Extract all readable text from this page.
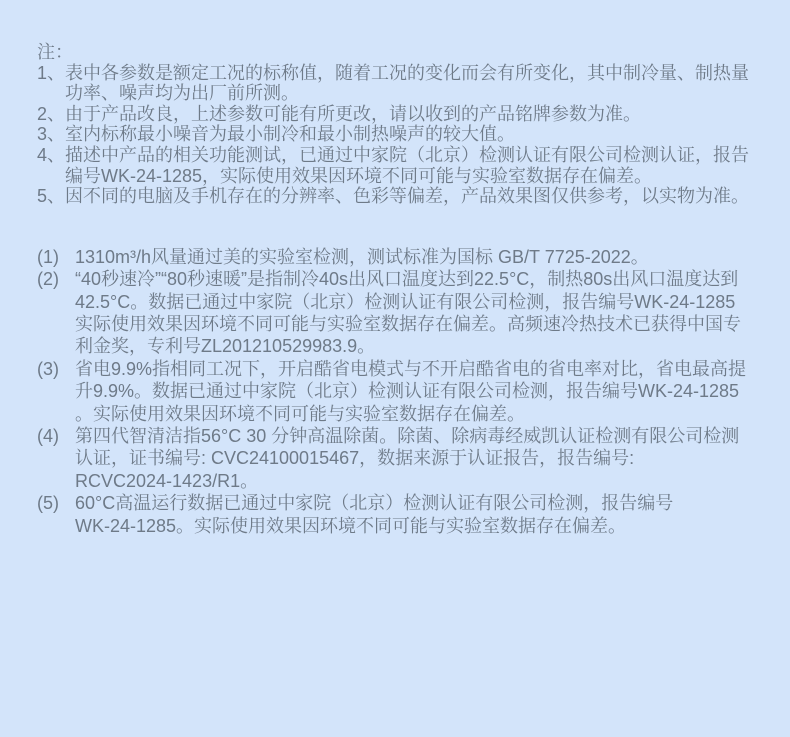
注：
1、 表中各参数是额定工况的标称值，随着工况的变化而会有所变化，其中制冷量、制热量
功率、噪声均为出厂前所测。
2、 由于产品改良，上述参数可能有所更改，请以收到的产品铭牌参数为准。
3、 室内标称最小噪音为最小制冷和最小制热噪声的较大值。
4、 描述中产品的相关功能测试，已通过中家院（北京）检测认证有限公司检测认证，报告
编号WK-24-1285，实际使用效果因环境不同可能与实验室数据存在偏差。
5、 因不同的电脑及手机存在的分辨率、色彩等偏差，产品效果图仅供参考，以实物为准。
(1) 1310m³/h风量通过美的实验室检测，测试标准为国标 GB/T 7725-2022。
(2) “40秒速冷”“80秒速暖”是指制冷40s出风口温度达到22.5°C，制热80s出风口温度达到
42.5°C。数据已通过中家院（北京）检测认证有限公司检测，报告编号WK-24-1285
实际使用效果因环境不同可能与实验室数据存在偏差。高频速冷热技术已获得中国专
利金奖，专利号ZL201210529983.9。
(3) 省电9.9%指相同工况下，开启酷省电模式与不开启酷省电的省电率对比，省电最高提
升9.9%。数据已通过中家院（北京）检测认证有限公司检测，报告编号WK-24-1285
。实际使用效果因环境不同可能与实验室数据存在偏差。
(4) 第四代智清洁指56°C 30 分钟高温除菌。除菌、除病毒经威凯认证检测有限公司检测
认证，证书编号: CVC24100015467，数据来源于认证报告，报告编号:
RCVC2024-1423/R1。
(5) 60°C高温运行数据已通过中家院（北京）检测认证有限公司检测，报告编号
WK-24-1285。实际使用效果因环境不同可能与实验室数据存在偏差。
